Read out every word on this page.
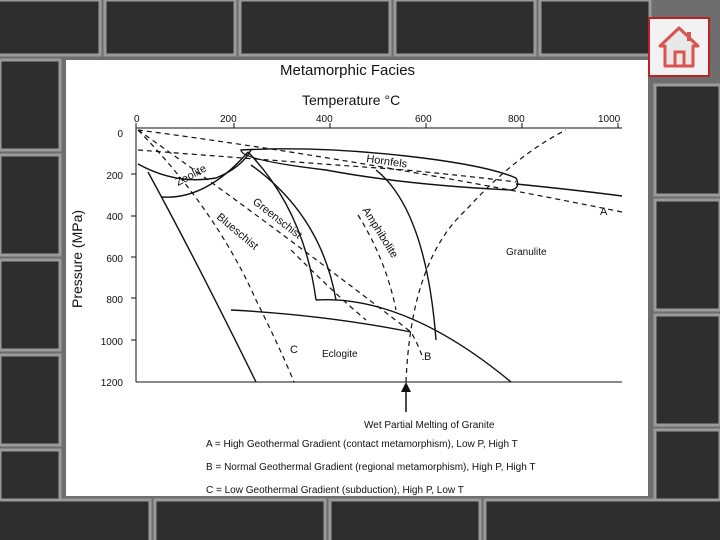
Metamorphic Facies
Temperature °C
Pressure (MPa)
0	200	400	600	800	1000
0
200
400
600
800
1000
1200
Zeolite
Hornfels
Greenschist	Amphibolite
Blueschist	Granulite
Eclogite
A
B
C
Wet Partial Melting of Granite
A = High Geothermal Gradient (contact metamorphism), Low P, High T
B = Normal Geothermal Gradient (regional metamorphism), High P, High T
C = Low Geothermal Gradient (subduction), High P, Low T
